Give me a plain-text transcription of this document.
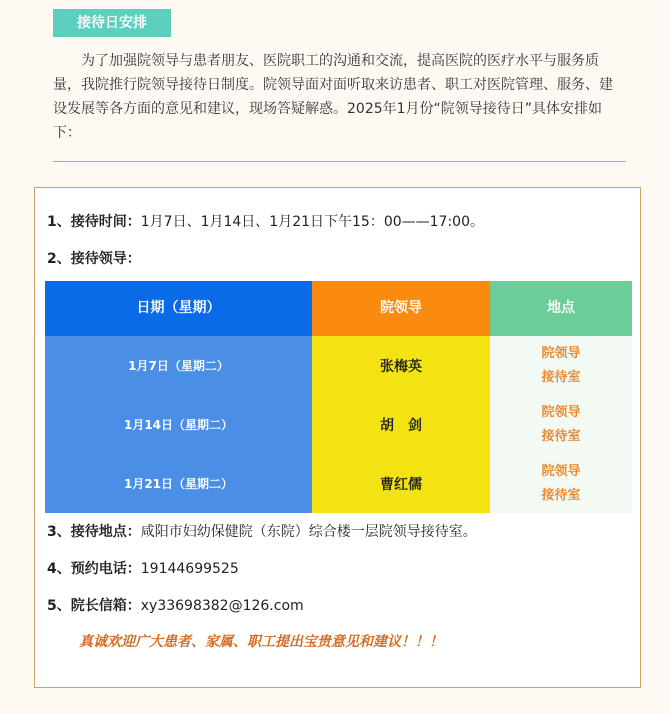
接待日安排

为了加强院领导与患者朋友、医院职工的沟通和交流，提高医院的医疗水平与服务质量，我院推行院领导接待日制度。院领导面对面听取来访患者、职工对医院管理、服务、建设发展等各方面的意见和建议，现场答疑解惑。2025年1月份“院领导接待日”具体安排如下：

1、接待时间：1月7日、1月14日、1月21日下午15：00——17:00。
2、接待领导：
日期（星期）	院领导	地点
1月7日（星期二）
1月14日（星期二）
1月21日（星期二）
张梅英
胡　剑
曹红儒
院领导
接待室
院领导
接待室
院领导
接待室
3、接待地点：咸阳市妇幼保健院（东院）综合楼一层院领导接待室。
4、预约电话：19144699525
5、院长信箱：xy33698382@126.com
真诚欢迎广大患者、家属、职工提出宝贵意见和建议！！！
